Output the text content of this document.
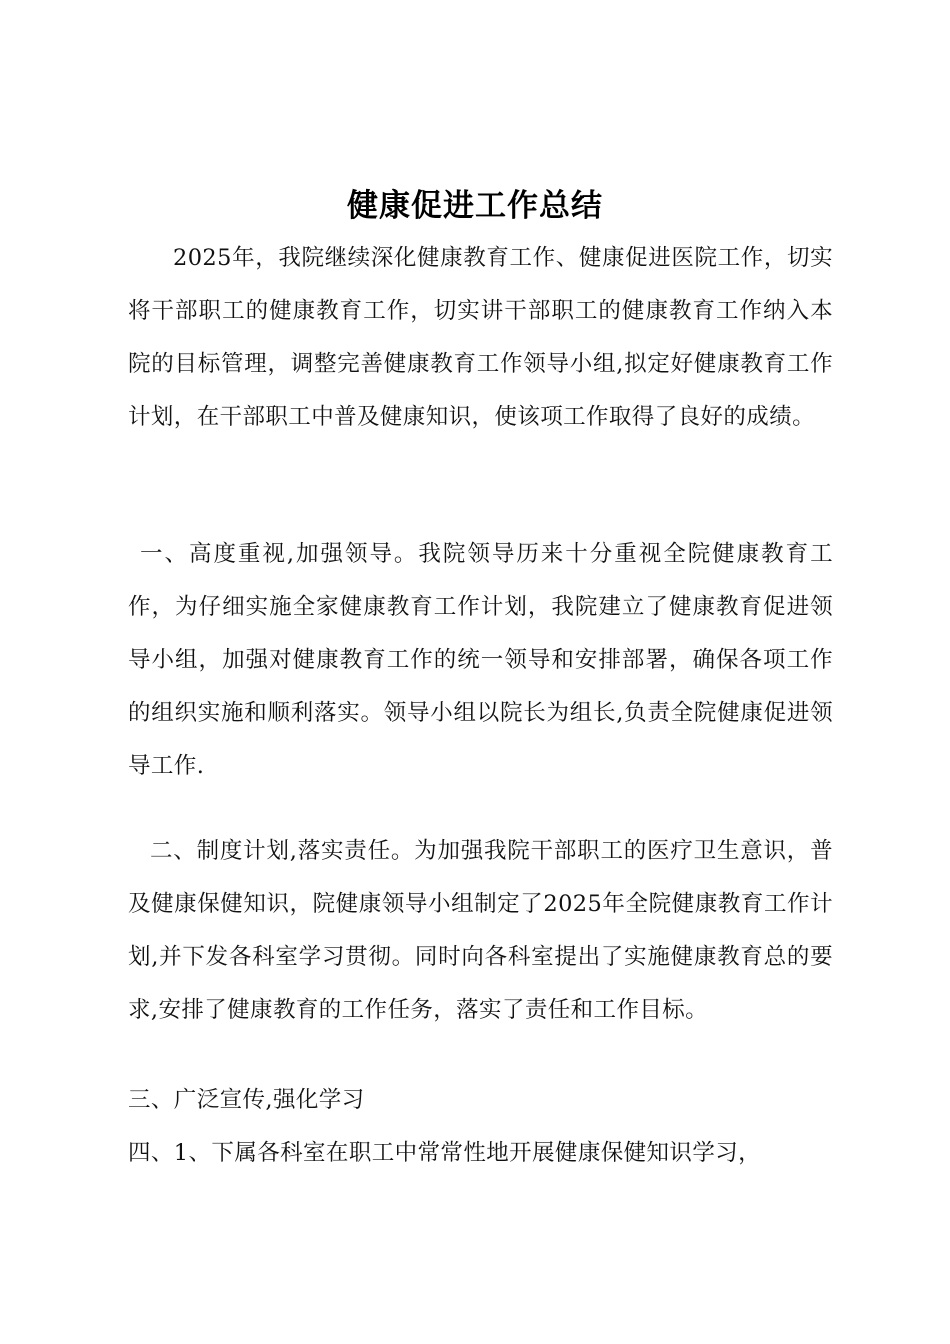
健康促进工作总结

2025年，我院继续深化健康教育工作、健康促进医院工作，切实将干部职工的健康教育工作，切实讲干部职工的健康教育工作纳入本院的目标管理，调整完善健康教育工作领导小组,拟定好健康教育工作计划，在干部职工中普及健康知识，使该项工作取得了良好的成绩。

一、高度重视,加强领导。我院领导历来十分重视全院健康教育工作，为仔细实施全家健康教育工作计划，我院建立了健康教育促进领导小组，加强对健康教育工作的统一领导和安排部署，确保各项工作的组织实施和顺利落实。领导小组以院长为组长,负责全院健康促进领导工作.

二、制度计划,落实责任。为加强我院干部职工的医疗卫生意识，普及健康保健知识，院健康领导小组制定了2025年全院健康教育工作计划,并下发各科室学习贯彻。同时向各科室提出了实施健康教育总的要求,安排了健康教育的工作任务，落实了责任和工作目标。

三、广泛宣传,强化学习

四、1、下属各科室在职工中常常性地开展健康保健知识学习，
